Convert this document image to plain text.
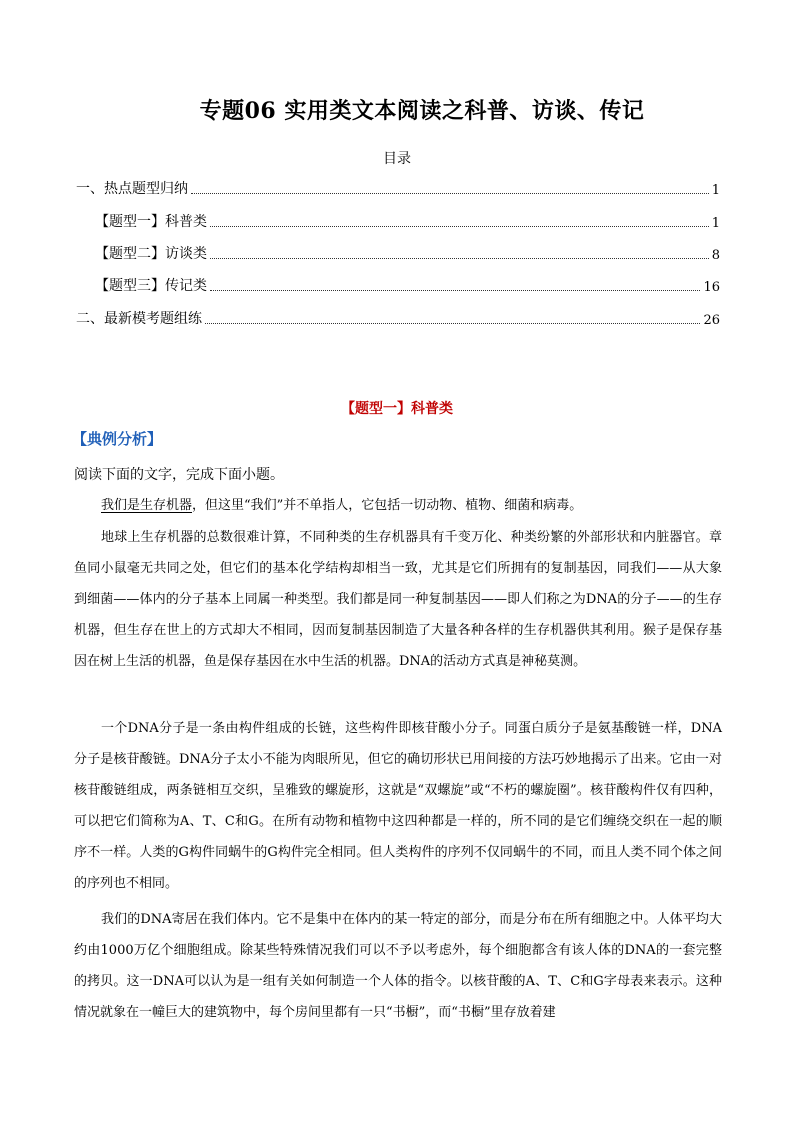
专题06 实用类文本阅读之科普、访谈、传记
目录
一、热点题型归纳	1
【题型一】科普类	1
【题型二】访谈类	8
【题型三】传记类	16
二、最新模考题组练	26
【题型一】科普类
【典例分析】
阅读下面的文字，完成下面小题。

我们是生存机器，但这里“我们”并不单指人，它包括一切动物、植物、细菌和病毒。

地球上生存机器的总数很难计算，不同种类的生存机器具有千变万化、种类纷繁的外部形状和内脏器官。章鱼同小鼠毫无共同之处，但它们的基本化学结构却相当一致，尤其是它们所拥有的复制基因，同我们——从大象到细菌——体内的分子基本上同属一种类型。我们都是同一种复制基因——即人们称之为DNA的分子——的生存机器，但生存在世上的方式却大不相同，因而复制基因制造了大量各种各样的生存机器供其利用。猴子是保存基因在树上生活的机器，鱼是保存基因在水中生活的机器。DNA的活动方式真是神秘莫测。

一个DNA分子是一条由构件组成的长链，这些构件即核苷酸小分子。同蛋白质分子是氨基酸链一样，DNA分子是核苷酸链。DNA分子太小不能为肉眼所见，但它的确切形状已用间接的方法巧妙地揭示了出来。它由一对核苷酸链组成，两条链相互交织，呈雅致的螺旋形，这就是“双螺旋”或“不朽的螺旋圈”。核苷酸构件仅有四种，可以把它们简称为A、T、C和G。在所有动物和植物中这四种都是一样的，所不同的是它们缠绕交织在一起的顺序不一样。人类的G构件同蜗牛的G构件完全相同。但人类构件的序列不仅同蜗牛的不同，而且人类不同个体之间的序列也不相同。

我们的DNA寄居在我们体内。它不是集中在体内的某一特定的部分，而是分布在所有细胞之中。人体平均大约由1000万亿个细胞组成。除某些特殊情况我们可以不予以考虑外，每个细胞都含有该人体的DNA的一套完整的拷贝。这一DNA可以认为是一组有关如何制造一个人体的指令。以核苷酸的A、T、C和G字母表来表示。这种情况就象在一幢巨大的建筑物中，每个房间里都有一只“书橱”，而“书橱”里存放着建
